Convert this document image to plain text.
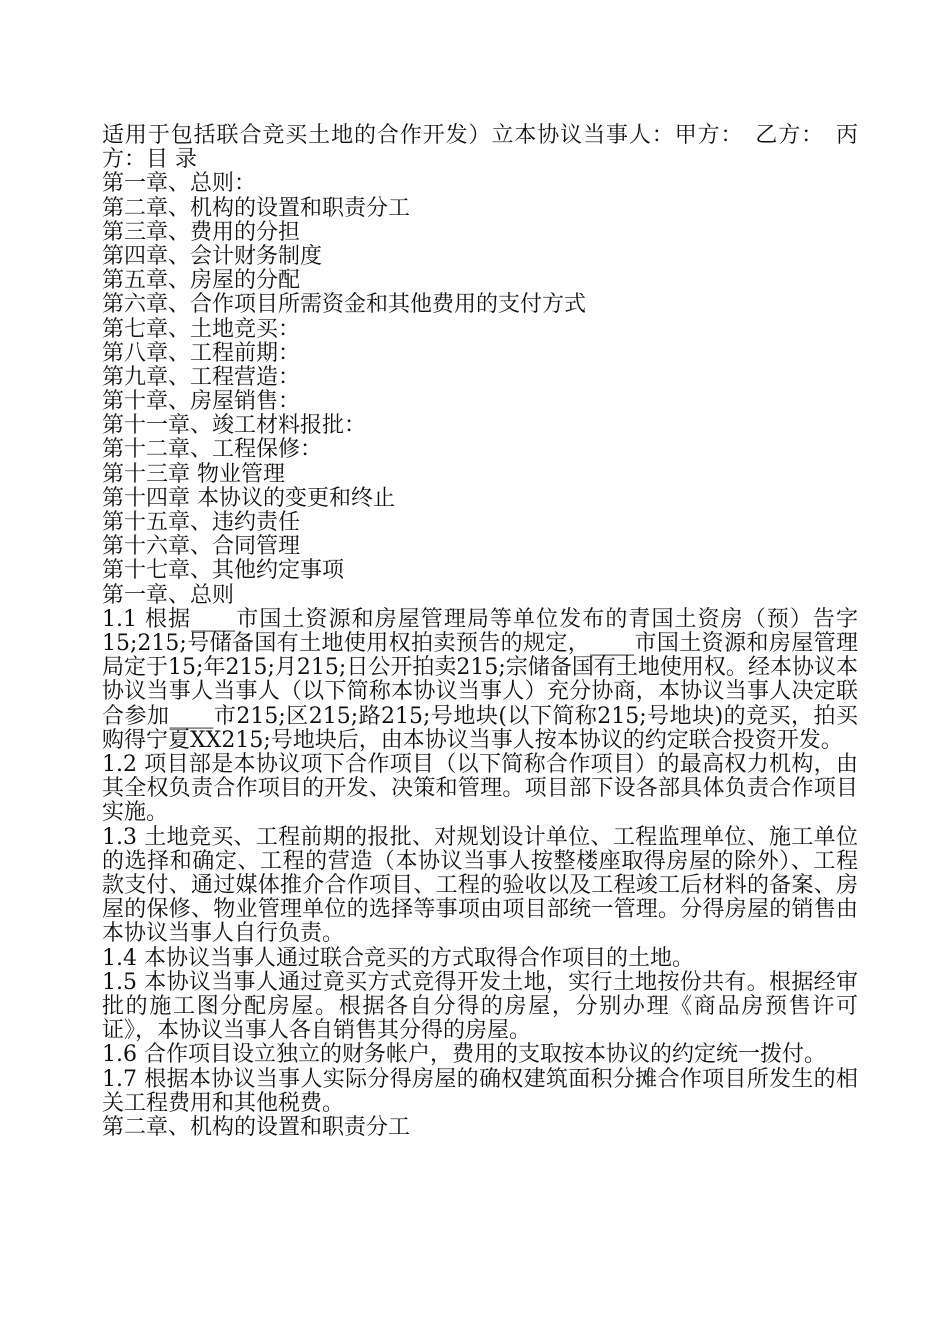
适用于包括联合竞买土地的合作开发）立本协议当事人：甲方：　乙方：　丙方：目 录
第一章、总则：
第二章、机构的设置和职责分工
第三章、费用的分担
第四章、会计财务制度
第五章、房屋的分配
第六章、合作项目所需资金和其他费用的支付方式
第七章、土地竞买：
第八章、工程前期：
第九章、工程营造：
第十章、房屋销售：
第十一章、竣工材料报批：
第十二章、工程保修：
第十三章 物业管理
第十四章 本协议的变更和终止
第十五章、违约责任
第十六章、合同管理
第十七章、其他约定事项
第一章、总则
1.1 根据____市国土资源和房屋管理局等单位发布的青国土资房（预）告字15;215;号储备国有土地使用权拍卖预告的规定，____市国土资源和房屋管理局定于15;年215;月215;日公开拍卖215;宗储备国有土地使用权。经本协议本协议当事人当事人（以下简称本协议当事人）充分协商，本协议当事人决定联合参加____市215;区215;路215;号地块(以下简称215;号地块)的竞买，拍买购得宁夏XX215;号地块后，由本协议当事人按本协议的约定联合投资开发。
1.2 项目部是本协议项下合作项目（以下简称合作项目）的最高权力机构，由其全权负责合作项目的开发、决策和管理。项目部下设各部具体负责合作项目实施。
1.3 土地竞买、工程前期的报批、对规划设计单位、工程监理单位、施工单位的选择和确定、工程的营造（本协议当事人按整楼座取得房屋的除外）、工程款支付、通过媒体推介合作项目、工程的验收以及工程竣工后材料的备案、房屋的保修、物业管理单位的选择等事项由项目部统一管理。分得房屋的销售由本协议当事人自行负责。
1.4 本协议当事人通过联合竞买的方式取得合作项目的土地。
1.5 本协议当事人通过竟买方式竞得开发土地，实行土地按份共有。根据经审批的施工图分配房屋。根据各自分得的房屋，分别办理《商品房预售许可证》，本协议当事人各自销售其分得的房屋。
1.6 合作项目设立独立的财务帐户，费用的支取按本协议的约定统一拨付。
1.7 根据本协议当事人实际分得房屋的确权建筑面积分摊合作项目所发生的相关工程费用和其他税费。
第二章、机构的设置和职责分工
